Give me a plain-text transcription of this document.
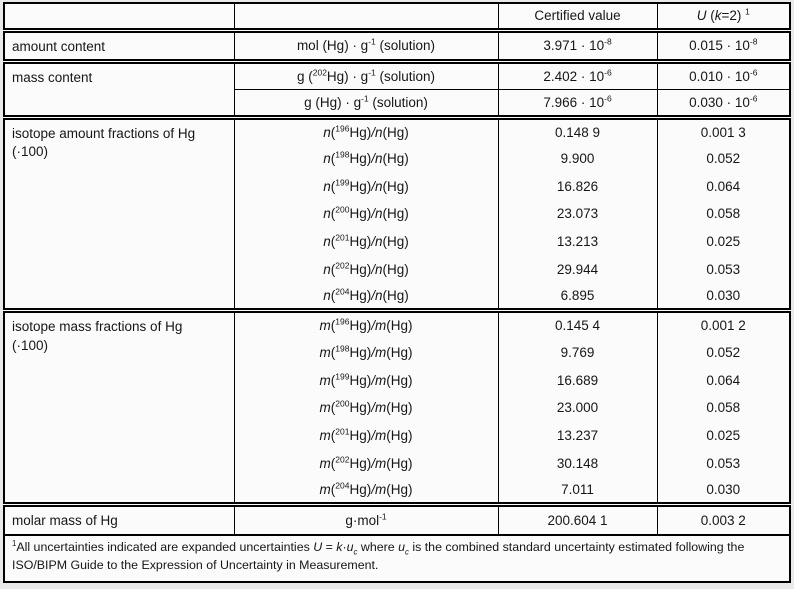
		Certified value	U (k=2) $^1$
amount content	mol $(Hg) \cdot g^{-1}$ (solution)	$3.971 \cdot 10^{-8}$	$0.015 \cdot 10^{-8}$
mass content	g $(^{202}Hg) \cdot g^{-1}$ (solution)	$2.402 \cdot 10^{-6}$	$0.010 \cdot 10^{-6}$
	g $(Hg) \cdot g^{-1}$ (solution)	$7.966 \cdot 10^{-6}$	$0.030 \cdot 10^{-6}$
isotope amount fractions of Hg
(·100)	n($^{196}$Hg)/n(Hg)	0.148 9	0.001 3
	n($^{198}$Hg)/n(Hg)	9.900	0.052
	n($^{199}$Hg)/n(Hg)	16.826	0.064
	n($^{200}$Hg)/n(Hg)	23.073	0.058
	n($^{201}$Hg)/n(Hg)	13.213	0.025
	n($^{202}$Hg)/n(Hg)	29.944	0.053
	n($^{204}$Hg)/n(Hg)	6.895	0.030
isotope mass fractions of Hg
(·100)	m($^{196}$Hg)/m(Hg)	0.145 4	0.001 2
	m($^{198}$Hg)/m(Hg)	9.769	0.052
	m($^{199}$Hg)/m(Hg)	16.689	0.064
	m($^{200}$Hg)/m(Hg)	23.000	0.058
	m($^{201}$Hg)/m(Hg)	13.237	0.025
	m($^{202}$Hg)/m(Hg)	30.148	0.053
	m($^{204}$Hg)/m(Hg)	7.011	0.030
molar mass of Hg	g·mol$^{-1}$	200.604 1	0.003 2
$^1$All uncertainties indicated are expanded uncertainties $U = k\cdot u_c$ where $u_c$ is the combined standard uncertainty estimated following the ISO/BIPM Guide to the Expression of Uncertainty in Measurement.			
